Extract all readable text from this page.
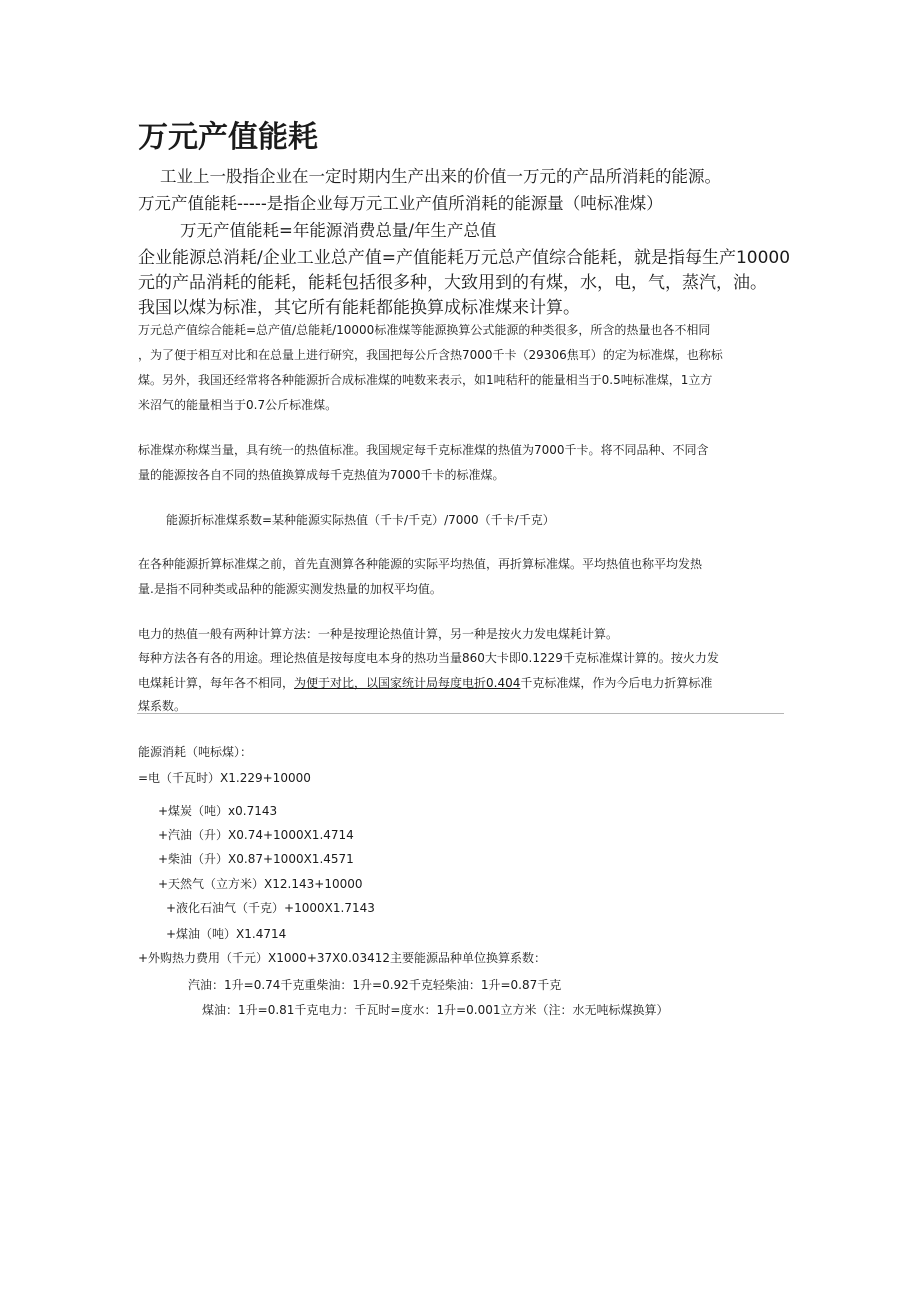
万元产值能耗

工业上一股指企业在一定时期内生产出来的价值一万元的产品所消耗的能源。

万元产值能耗-----是指企业每万元工业产值所消耗的能源量（吨标准煤）

万无产值能耗=年能源消费总量/年生产总值

企业能源总消耗/企业工业总产值=产值能耗万元总产值综合能耗，就是指每生产10000

元的产品消耗的能耗，能耗包括很多种，大致用到的有煤，水，电，气，蒸汽，油。

我国以煤为标准，其它所有能耗都能换算成标准煤来计算。

万元总产值综合能耗=总产值/总能耗/10000标准煤等能源换算公式能源的种类很多，所含的热量也各不相同

，为了便于相互对比和在总量上进行研究，我国把每公斤含热7000千卡（29306焦耳）的定为标准煤，也称标

煤。另外，我国还经常将各种能源折合成标准煤的吨数来表示，如1吨秸秆的能量相当于0.5吨标准煤，1立方

米沼气的能量相当于0.7公斤标准煤。

标准煤亦称煤当量，具有统一的热值标准。我国规定每千克标准煤的热值为7000千卡。将不同品种、不同含

量的能源按各自不同的热值换算成每千克热值为7000千卡的标准煤。

能源折标准煤系数=某种能源实际热值（千卡/千克）/7000（千卡/千克）

在各种能源折算标准煤之前，首先直测算各种能源的实际平均热值，再折算标准煤。平均热值也称平均发热

量.是指不同种类或品种的能源实测发热量的加权平均值。

电力的热值一般有两种计算方法：一种是按理论热值计算，另一种是按火力发电煤耗计算。

每种方法各有各的用途。理论热值是按每度电本身的热功当量860大卡即0.1229千克标准煤计算的。按火力发

电煤耗计算，每年各不相同，为便于对比，以国家统计局每度电折0.404千克标准煤，作为今后电力折算标准

煤系数。

能源消耗（吨标煤）：

=电（千瓦时）X1.229+10000

+煤炭（吨）x0.7143

+汽油（升）X0.74+1000X1.4714

+柴油（升）X0.87+1000X1.4571

+天然气（立方米）X12.143+10000

+液化石油气（千克）+1000X1.7143

+煤油（吨）X1.4714

+外购热力费用（千元）X1000+37X0.03412主要能源品种单位换算系数：

汽油：1升=0.74千克重柴油：1升=0.92千克轻柴油：1升=0.87千克

煤油：1升=0.81千克电力：千瓦时=度水：1升=0.001立方米（注：水无吨标煤换算）
